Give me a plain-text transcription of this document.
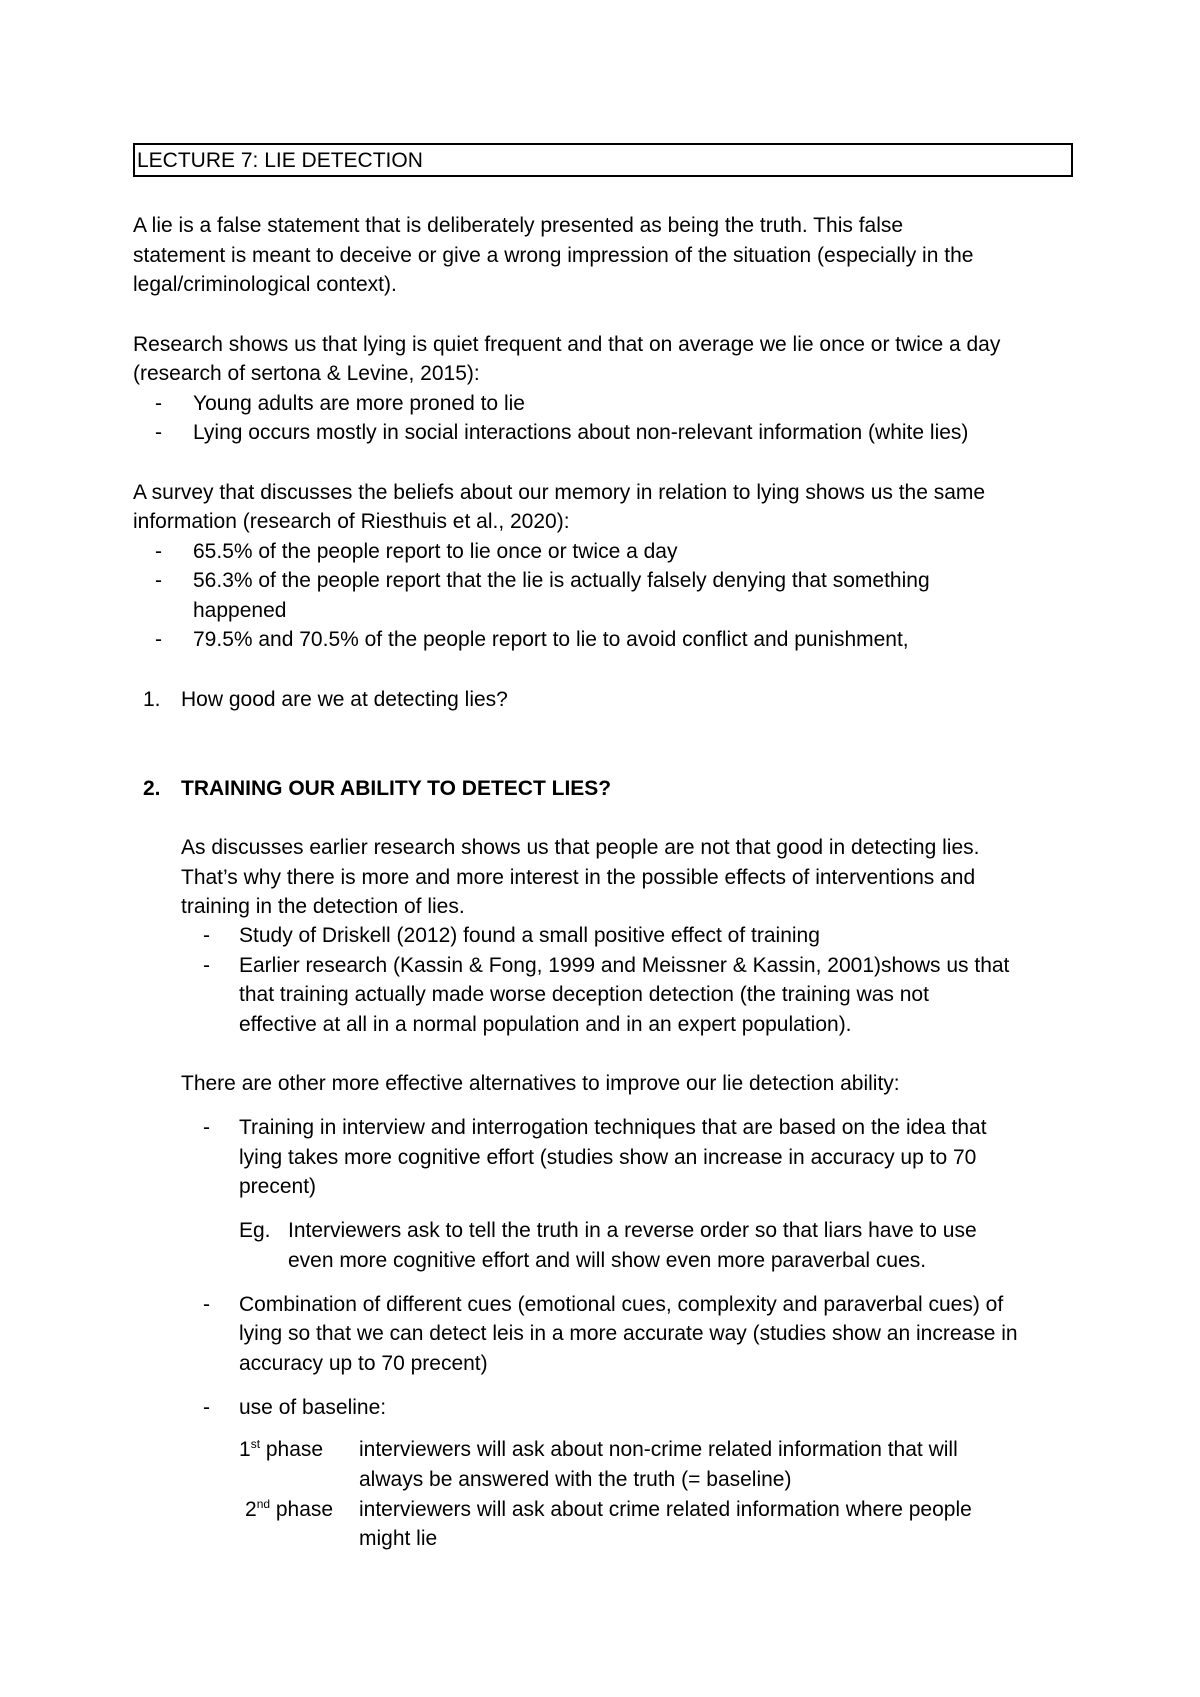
LECTURE 7: LIE DETECTION
A lie is a false statement that is deliberately presented as being the truth. This false
statement is meant to deceive or give a wrong impression of the situation (especially in the
legal/criminological context).
Research shows us that lying is quiet frequent and that on average we lie once or twice a day
(research of sertona & Levine, 2015):
- Young adults are more proned to lie
- Lying occurs mostly in social interactions about non-relevant information (white lies)
A survey that discusses the beliefs about our memory in relation to lying shows us the same
information (research of Riesthuis et al., 2020):
- 65.5% of the people report to lie once or twice a day
- 56.3% of the people report that the lie is actually falsely denying that something
happened
- 79.5% and 70.5% of the people report to lie to avoid conflict and punishment,
1. How good are we at detecting lies?
2. TRAINING OUR ABILITY TO DETECT LIES?
As discusses earlier research shows us that people are not that good in detecting lies.
That’s why there is more and more interest in the possible effects of interventions and
training in the detection of lies.
- Study of Driskell (2012) found a small positive effect of training
- Earlier research (Kassin & Fong, 1999 and Meissner & Kassin, 2001)shows us that
that training actually made worse deception detection (the training was not
effective at all in a normal population and in an expert population).
There are other more effective alternatives to improve our lie detection ability:
- Training in interview and interrogation techniques that are based on the idea that
lying takes more cognitive effort (studies show an increase in accuracy up to 70
precent)
Eg. Interviewers ask to tell the truth in a reverse order so that liars have to use
even more cognitive effort and will show even more paraverbal cues.
- Combination of different cues (emotional cues, complexity and paraverbal cues) of
lying so that we can detect leis in a more accurate way (studies show an increase in
accuracy up to 70 precent)
- use of baseline:
1st phase interviewers will ask about non-crime related information that will
always be answered with the truth (= baseline)
2nd phase interviewers will ask about crime related information where people
might lie
